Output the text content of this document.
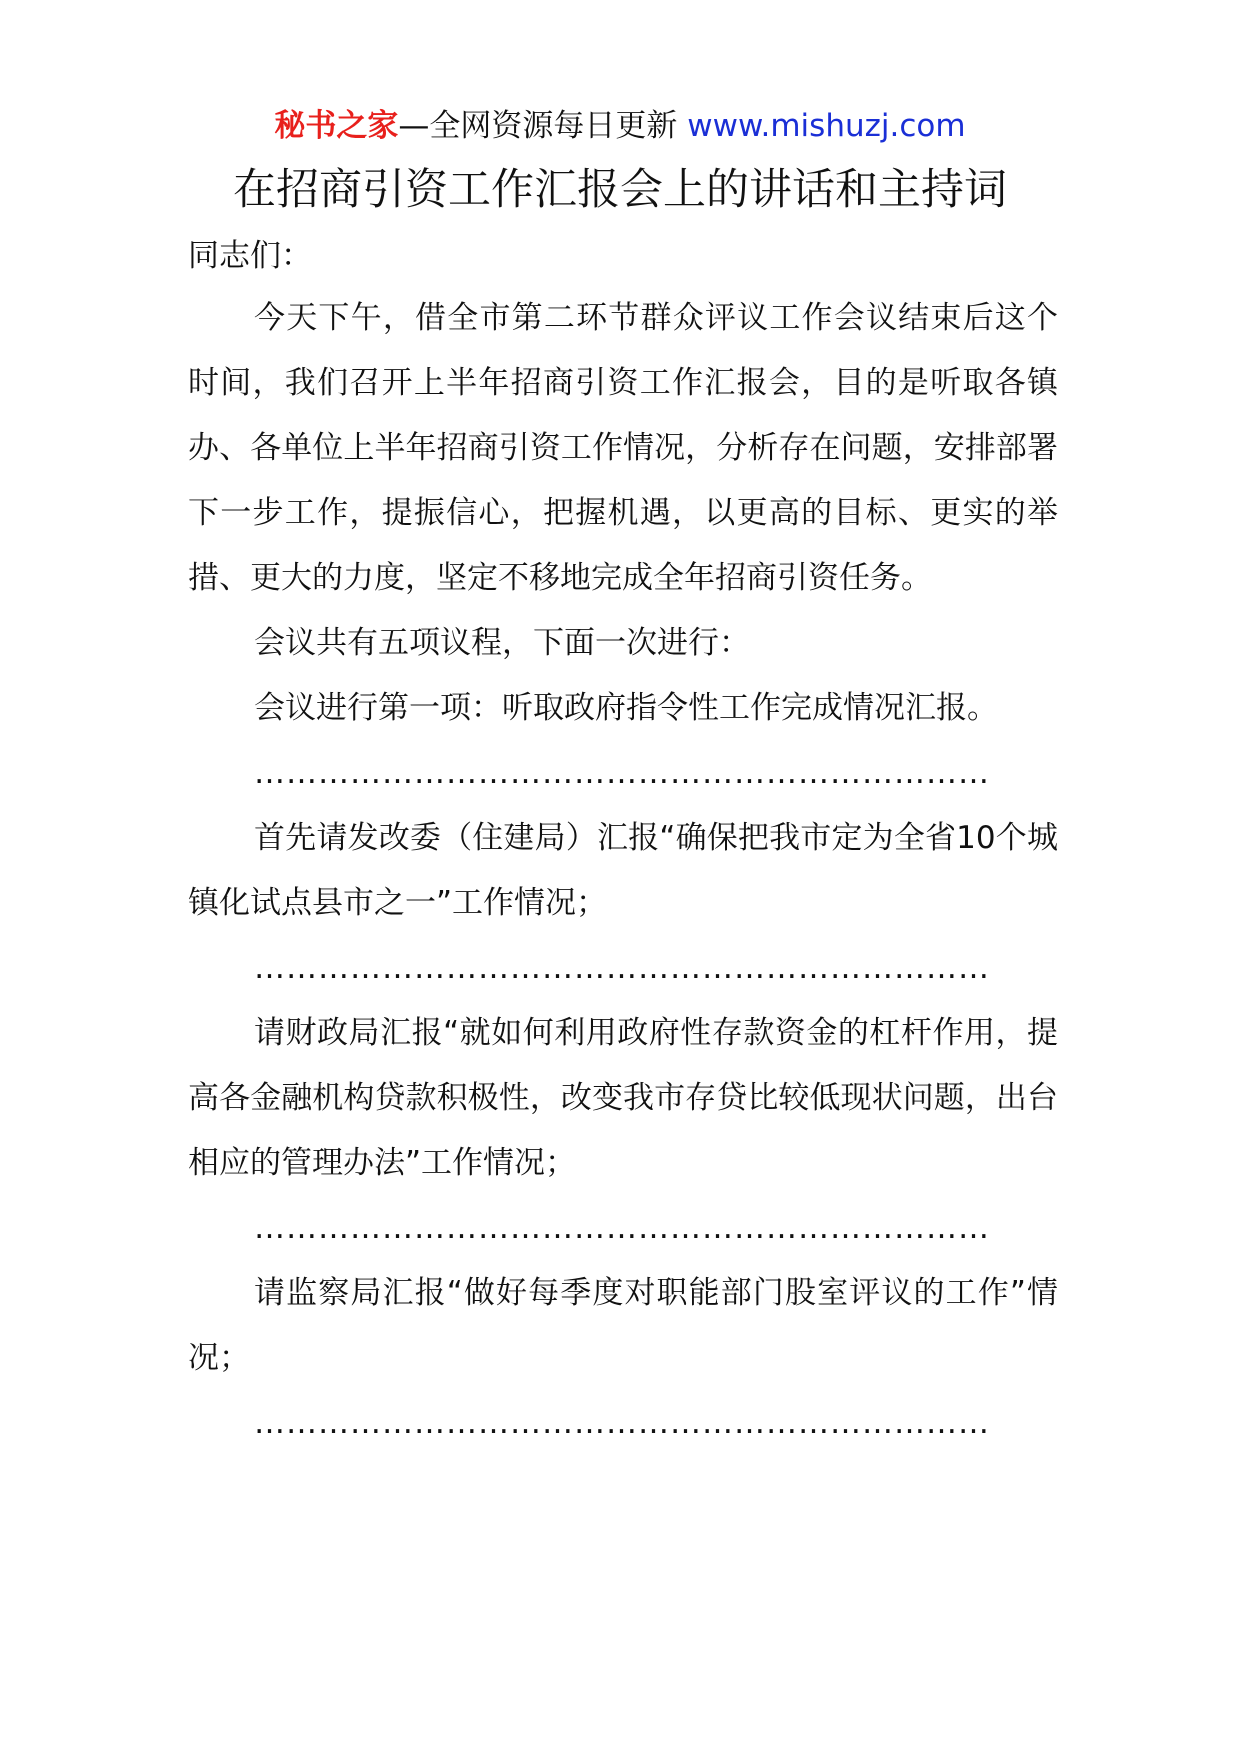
秘书之家—全网资源每日更新 www.mishuzj.com
在招商引资工作汇报会上的讲话和主持词

同志们：

今天下午，借全市第二环节群众评议工作会议结束后这个时间，我们召开上半年招商引资工作汇报会，目的是听取各镇办、各单位上半年招商引资工作情况，分析存在问题，安排部署下一步工作，提振信心，把握机遇，以更高的目标、更实的举措、更大的力度，坚定不移地完成全年招商引资任务。

会议共有五项议程，下面一次进行：

会议进行第一项：听取政府指令性工作完成情况汇报。

……………………………………………………………

首先请发改委（住建局）汇报“确保把我市定为全省10个城镇化试点县市之一”工作情况；

……………………………………………………………

请财政局汇报“就如何利用政府性存款资金的杠杆作用，提高各金融机构贷款积极性，改变我市存贷比较低现状问题，出台相应的管理办法”工作情况；

……………………………………………………………

请监察局汇报“做好每季度对职能部门股室评议的工作”情况；

……………………………………………………………
